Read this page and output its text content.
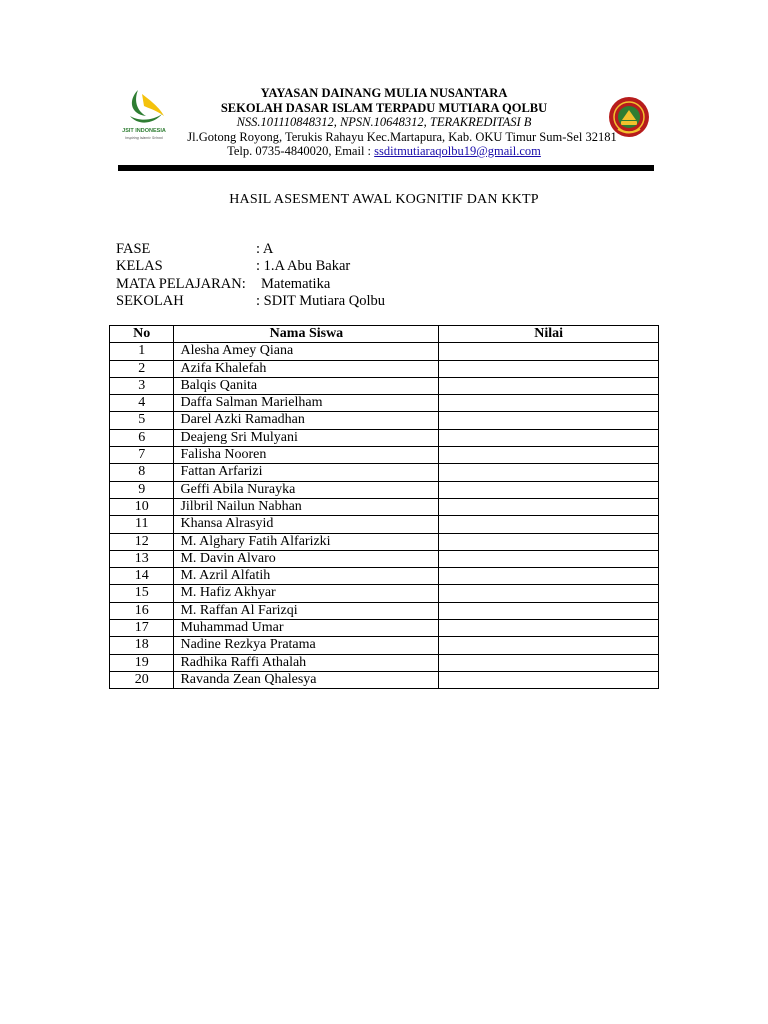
JSIT INDONESIA
Inspiring Islamic School
YAYASAN DAINANG MULIA NUSANTARA
SEKOLAH DASAR ISLAM TERPADU MUTIARA QOLBU
NSS.101110848312, NPSN.10648312, TERAKREDITASI B
Jl.Gotong Royong, Terukis Rahayu Kec.Martapura, Kab. OKU Timur Sum-Sel 32181
Telp. 0735-4840020, Email : ssditmutiaraqolbu19@gmail.com
HASIL ASESMENT AWAL KOGNITIF DAN KKTP
FASE	: A
KELAS	: 1.A Abu Bakar
MATA PELAJARAN: Matematika
SEKOLAH	: SDIT Mutiara Qolbu
No	Nama Siswa	Nilai
1	Alesha Amey Qiana	
2	Azifa Khalefah	
3	Balqis Qanita	
4	Daffa Salman Marielham	
5	Darel Azki Ramadhan	
6	Deajeng Sri Mulyani	
7	Falisha Nooren	
8	Fattan Arfarizi	
9	Geffi Abila Nurayka	
10	Jilbril Nailun Nabhan	
11	Khansa Alrasyid	
12	M. Alghary Fatih Alfarizki	
13	M. Davin Alvaro	
14	M. Azril Alfatih	
15	M. Hafiz Akhyar	
16	M. Raffan Al Farizqi	
17	Muhammad Umar	
18	Nadine Rezkya Pratama	
19	Radhika Raffi Athalah	
20	Ravanda Zean Qhalesya	
